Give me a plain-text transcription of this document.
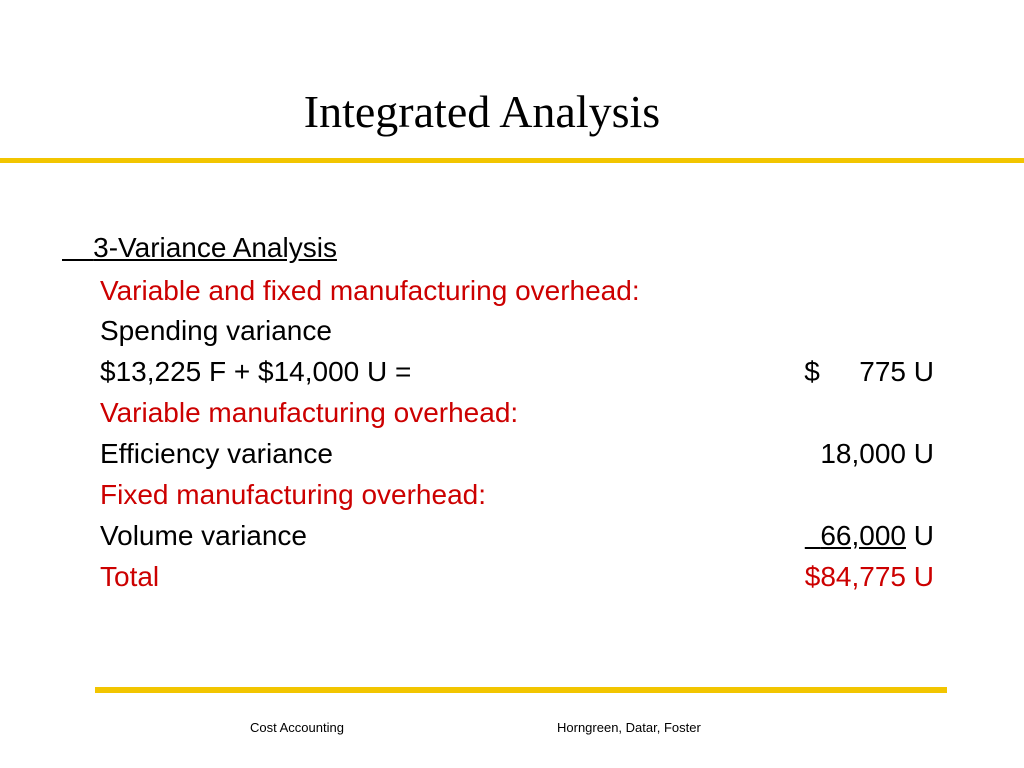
Integrated Analysis
3-Variance Analysis
Variable and fixed manufacturing overhead:
Spending variance
$13,225 F + $14,000 U =	$ 775 U
Variable manufacturing overhead:
Efficiency variance	18,000 U
Fixed manufacturing overhead:
Volume variance	66,000 U
Total	$84,775 U
Cost Accounting	Horngreen, Datar, Foster
